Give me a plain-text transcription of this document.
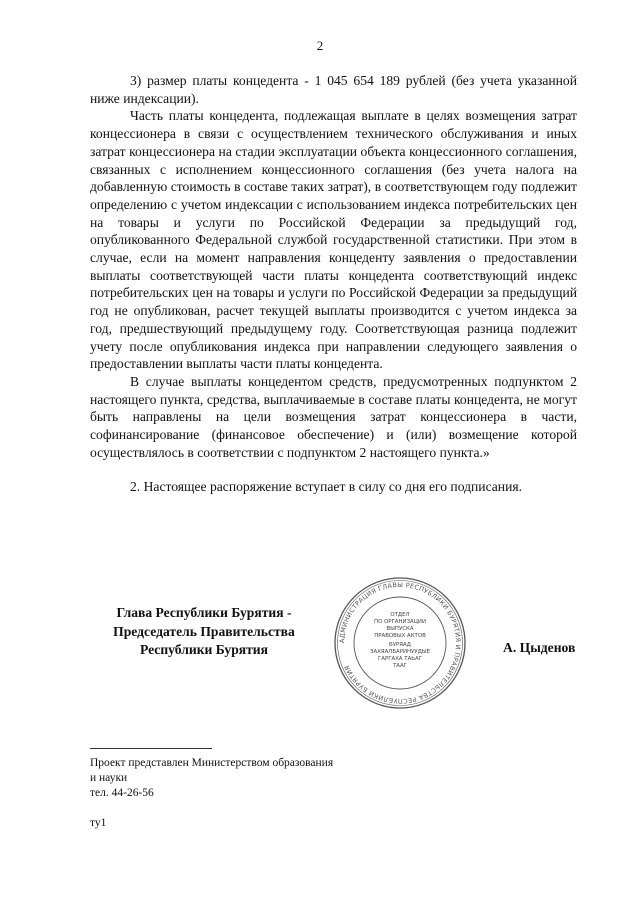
2

3) размер платы концедента - 1 045 654 189 рублей (без учета указанной ниже индексации).

Часть платы концедента, подлежащая выплате в целях возмещения затрат концессионера в связи с осуществлением технического обслуживания и иных затрат концессионера на стадии эксплуатации объекта концессионного соглашения, связанных с исполнением концессионного соглашения (без учета налога на добавленную стоимость в составе таких затрат), в соответствующем году подлежит определению с учетом индексации с использованием индекса потребительских цен на товары и услуги по Российской Федерации за предыдущий год, опубликованного Федеральной службой государственной статистики. При этом в случае, если на момент направления концеденту заявления о предоставлении выплаты соответствующей части платы концедента соответствующий индекс потребительских цен на товары и услуги по Российской Федерации за предыдущий год не опубликован, расчет текущей выплаты производится с учетом индекса за год, предшествующий предыдущему году. Соответствующая разница подлежит учету после опубликования индекса при направлении следующего заявления о предоставлении выплаты части платы концедента.

В случае выплаты концедентом средств, предусмотренных подпунктом 2 настоящего пункта, средства, выплачиваемые в составе платы концедента, не могут быть направлены на цели возмещения затрат концессионера в части, софинансирование (финансовое обеспечение) и (или) возмещение которой осуществлялось в соответствии с подпунктом 2 настоящего пункта.»

2. Настоящее распоряжение вступает в силу со дня его подписания.

Глава Республики Бурятия -
Председатель Правительства
Республики Бурятия
АДМИНИСТРАЦИЯ ГЛАВЫ РЕСПУБЛИКИ БУРЯТИЯ И ПРАВИТЕЛЬСТВА РЕСПУБЛИКИ БУРЯТИЯ
ОТДЕЛ
ПО ОРГАНИЗАЦИИ
ВЫПУСКА
ПРАВОВЫХ АКТОВ
БУРЯАД
ЗАХЯАЛБАРИНУУДЫЕ
ГАРГАХА ТАЬАГ
ТААГ
А. Цыденов
Проект представлен Министерством образования
и науки
тел. 44-26-56
ту1
